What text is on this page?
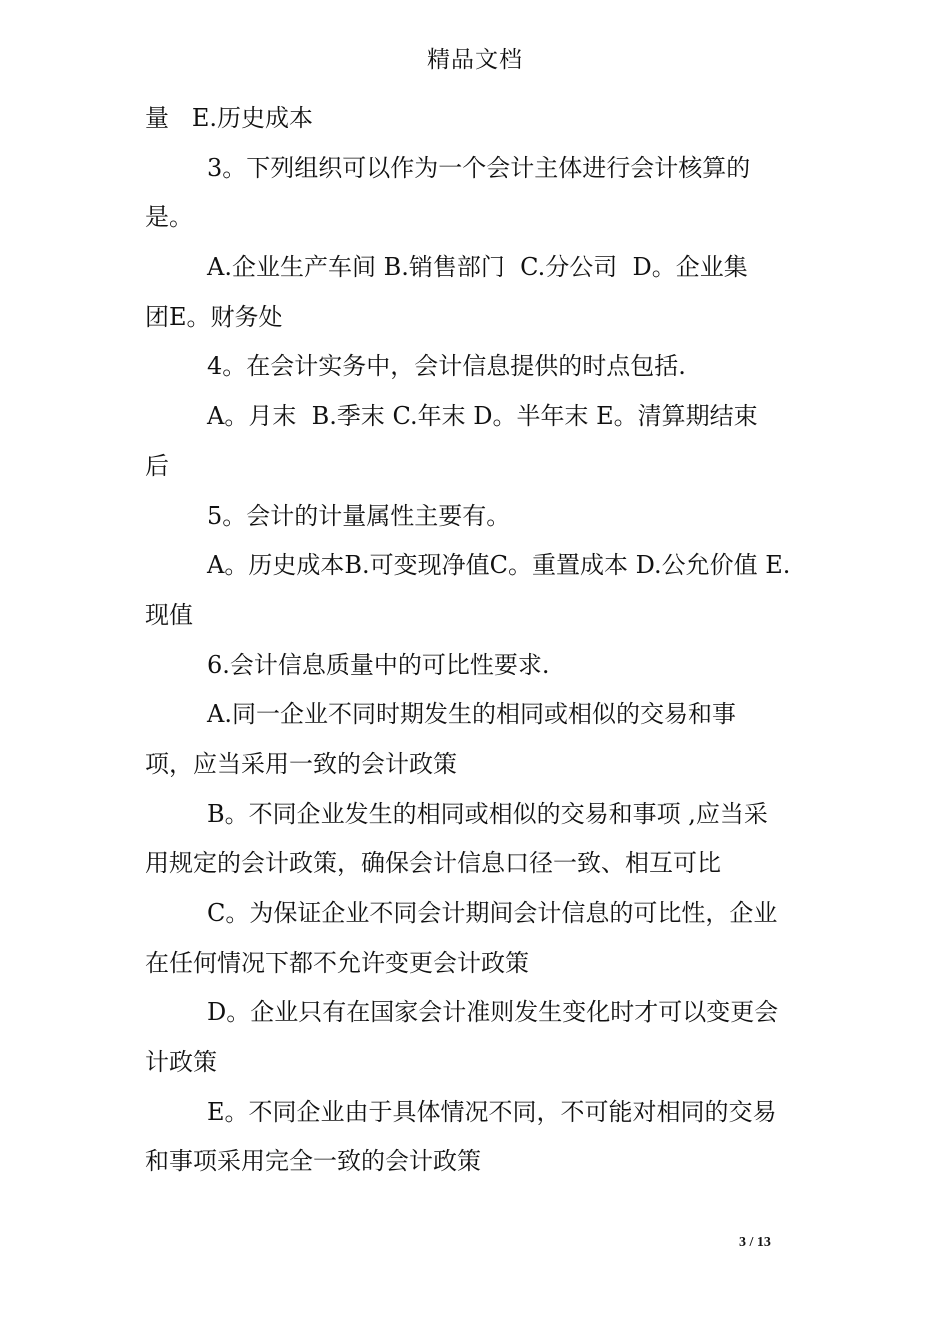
精品文档
量   E.历史成本
3。下列组织可以作为一个会计主体进行会计核算的
是。
A.企业生产车间 B.销售部门  C.分公司  D。企业集
团E。财务处
4。在会计实务中，会计信息提供的时点包括.
A。月末  B.季末 C.年末 D。半年末 E。清算期结束
后
5。会计的计量属性主要有。
A。历史成本B.可变现净值C。重置成本 D.公允价值 E.
现值
6.会计信息质量中的可比性要求.
A.同一企业不同时期发生的相同或相似的交易和事
项，应当采用一致的会计政策
B。不同企业发生的相同或相似的交易和事项 ,应当采
用规定的会计政策，确保会计信息口径一致、相互可比
C。为保证企业不同会计期间会计信息的可比性，企业
在任何情况下都不允许变更会计政策
D。企业只有在国家会计准则发生变化时才可以变更会
计政策
E。不同企业由于具体情况不同，不可能对相同的交易
和事项采用完全一致的会计政策
3 / 13
